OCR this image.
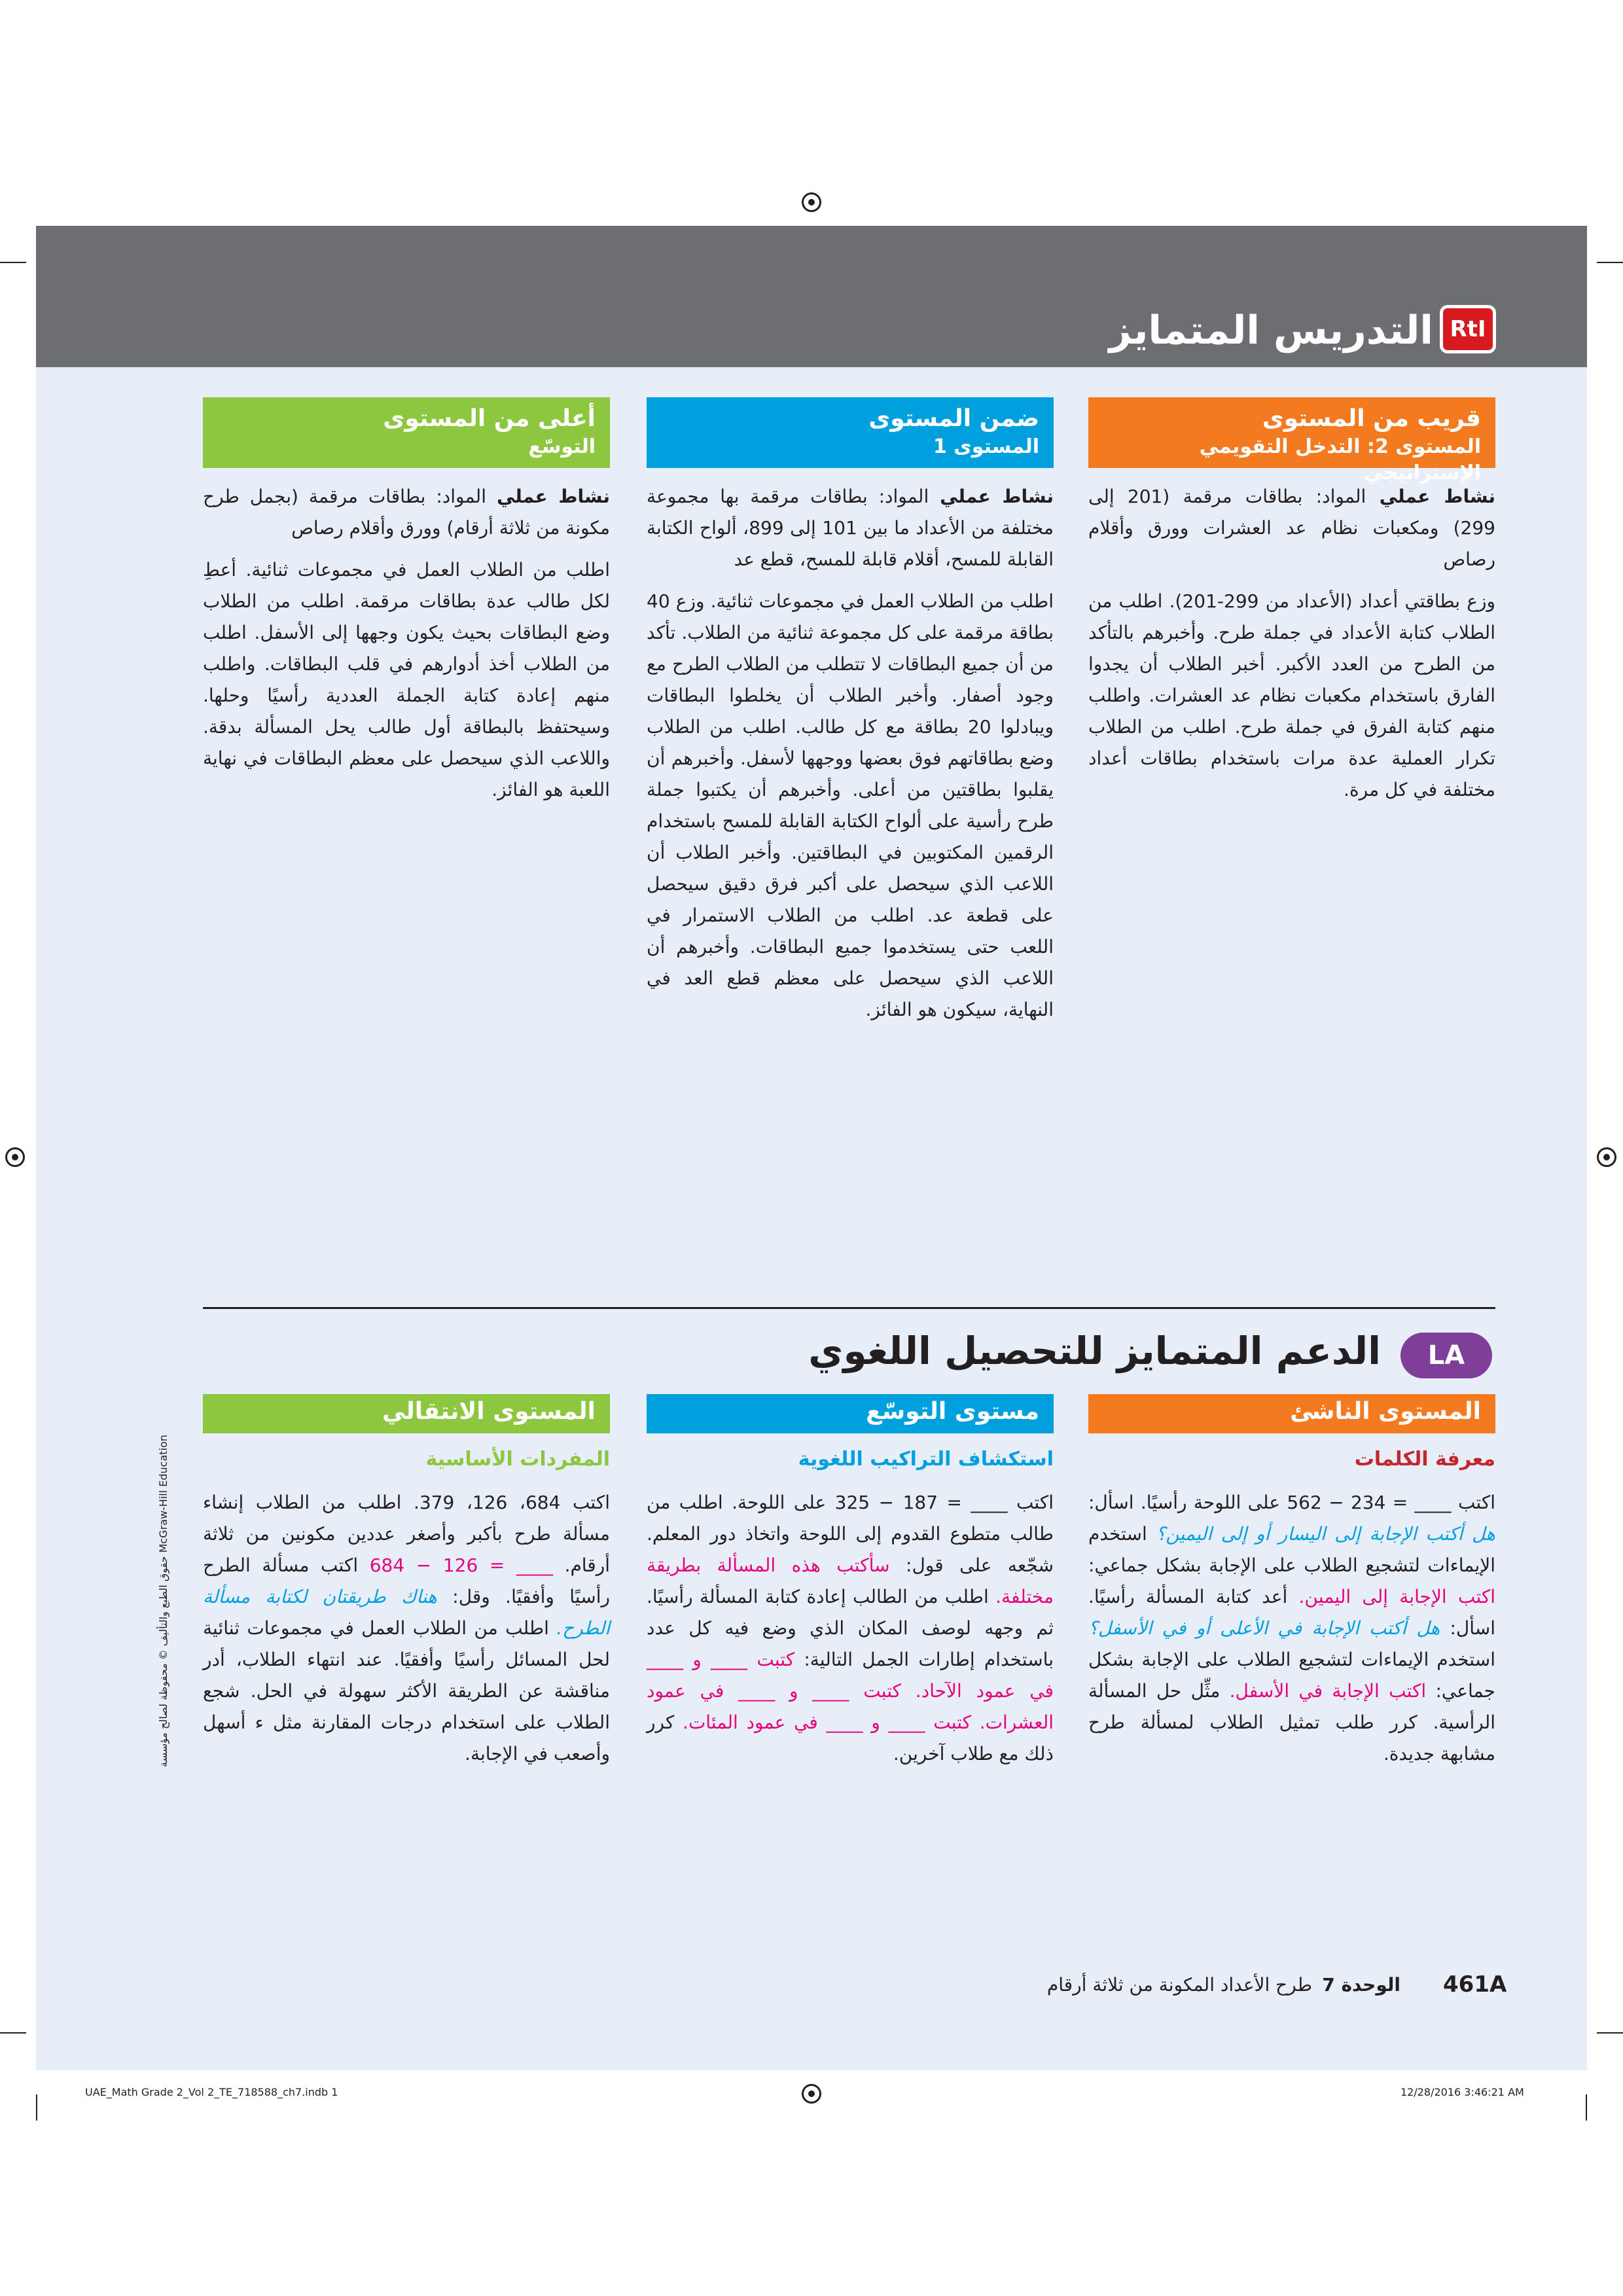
التدريس المتمايز RtI
قريب من المستوى
المستوى 2: التدخل التقويمي الإستراتيجي

نشاط عملي المواد: بطاقات مرقمة (201 إلى 299) ومكعبات نظام عد العشرات وورق وأقلام رصاص

وزع بطاقتي أعداد (الأعداد من 299-201). اطلب من الطلاب كتابة الأعداد في جملة طرح. وأخبرهم بالتأكد من الطرح من العدد الأكبر. أخبر الطلاب أن يجدوا الفارق باستخدام مكعبات نظام عد العشرات. واطلب منهم كتابة الفرق في جملة طرح. اطلب من الطلاب تكرار العملية عدة مرات باستخدام بطاقات أعداد مختلفة في كل مرة.

ضمن المستوى
المستوى 1

نشاط عملي المواد: بطاقات مرقمة بها مجموعة مختلفة من الأعداد ما بين 101 إلى 899، ألواح الكتابة القابلة للمسح، أقلام قابلة للمسح، قطع عد

اطلب من الطلاب العمل في مجموعات ثنائية. وزع 40 بطاقة مرقمة على كل مجموعة ثنائية من الطلاب. تأكد من أن جميع البطاقات لا تتطلب من الطلاب الطرح مع وجود أصفار. وأخبر الطلاب أن يخلطوا البطاقات ويبادلوا 20 بطاقة مع كل طالب. اطلب من الطلاب وضع بطاقاتهم فوق بعضها ووجهها لأسفل. وأخبرهم أن يقلبوا بطاقتين من أعلى. وأخبرهم أن يكتبوا جملة طرح رأسية على ألواح الكتابة القابلة للمسح باستخدام الرقمين المكتوبين في البطاقتين. وأخبر الطلاب أن اللاعب الذي سيحصل على أكبر فرق دقيق سيحصل على قطعة عد. اطلب من الطلاب الاستمرار في اللعب حتى يستخدموا جميع البطاقات. وأخبرهم أن اللاعب الذي سيحصل على معظم قطع العد في النهاية، سيكون هو الفائز.

أعلى من المستوى
التوسّع

نشاط عملي المواد: بطاقات مرقمة (بجمل طرح مكونة من ثلاثة أرقام) وورق وأقلام رصاص

اطلب من الطلاب العمل في مجموعات ثنائية. أعطِ لكل طالب عدة بطاقات مرقمة. اطلب من الطلاب وضع البطاقات بحيث يكون وجهها إلى الأسفل. اطلب من الطلاب أخذ أدوارهم في قلب البطاقات. واطلب منهم إعادة كتابة الجملة العددية رأسيًا وحلها. وسيحتفظ بالبطاقة أول طالب يحل المسألة بدقة. واللاعب الذي سيحصل على معظم البطاقات في نهاية اللعبة هو الفائز.

الدعم المتمايز للتحصيل اللغوي	LA
المستوى الناشئ
معرفة الكلمات
اكتب ____ = 234 − 562 على اللوحة رأسيًا. اسأل: هل أكتب الإجابة إلى اليسار أو إلى اليمين؟ استخدم الإيماءات لتشجيع الطلاب على الإجابة بشكل جماعي: اكتب الإجابة إلى اليمين. أعد كتابة المسألة رأسيًا. اسأل: هل أكتب الإجابة في الأعلى أو في الأسفل؟ استخدم الإيماءات لتشجيع الطلاب على الإجابة بشكل جماعي: اكتب الإجابة في الأسفل. مثِّل حل المسألة الرأسية. كرر طلب تمثيل الطلاب لمسألة طرح مشابهة جديدة.
مستوى التوسّع
استكشاف التراكيب اللغوية
اكتب ____ = 187 − 325 على اللوحة. اطلب من طالب متطوع القدوم إلى اللوحة واتخاذ دور المعلم. شجّعه على قول: سأكتب هذه المسألة بطريقة مختلفة. اطلب من الطالب إعادة كتابة المسألة رأسيًا. ثم وجهه لوصف المكان الذي وضع فيه كل عدد باستخدام إطارات الجمل التالية: كتبت ____ و ____ في عمود الآحاد. كتبت ____ و ____ في عمود العشرات. كتبت ____ و ____ في عمود المئات. كرر ذلك مع طلاب آخرين.
المستوى الانتقالي
المفردات الأساسية
اكتب 684، 126، 379. اطلب من الطلاب إنشاء مسألة طرح بأكبر وأصغر عددين مكونين من ثلاثة أرقام. ____ = 126 − 684 اكتب مسألة الطرح رأسيًا وأفقيًا. وقل: هناك طريقتان لكتابة مسألة الطرح. اطلب من الطلاب العمل في مجموعات ثنائية لحل المسائل رأسيًا وأفقيًا. عند انتهاء الطلاب، أدر مناقشة عن الطريقة الأكثر سهولة في الحل. شجع الطلاب على استخدام درجات المقارنة مثل ء أسهل وأصعب في الإجابة.
461A
الوحدة 7
طرح الأعداد المكونة من ثلاثة أرقام
حقوق الطبع والتأليف © محفوظة لصالح مؤسسة McGraw-Hill Education
UAE_Math Grade 2_Vol 2_TE_718588_ch7.indb 1	12/28/2016 3:46:21 AM
